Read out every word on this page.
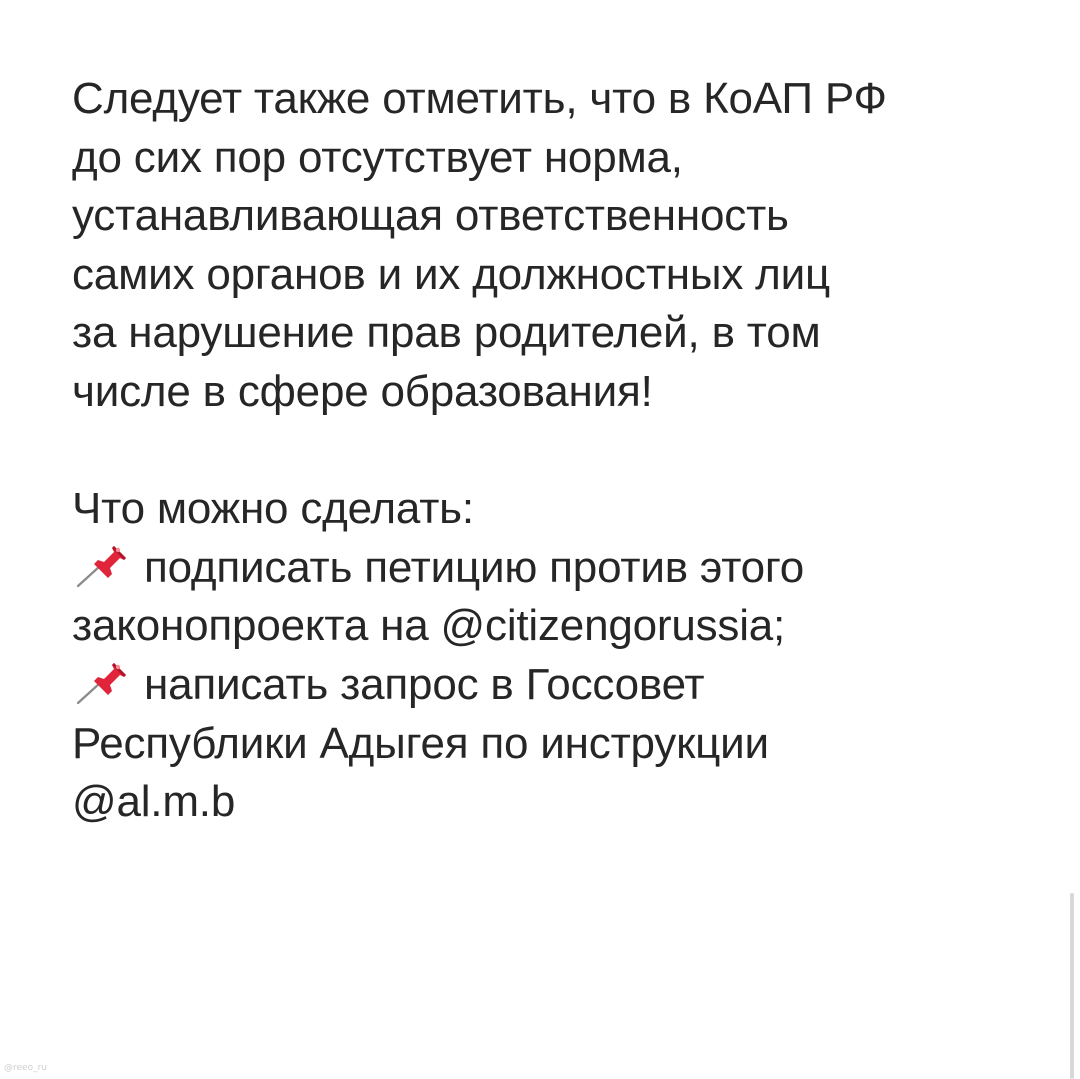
Следует также отметить, что в КоАП РФ
до сих пор отсутствует норма,
устанавливающая ответственность
самих органов и их должностных лиц
за нарушение прав родителей, в том
числе в сфере образования!
Что можно сделать:
подписать петицию против этого
законопроекта на @citizengorussia;
написать запрос в Госсовет
Республики Адыгея по инструкции
@al.m.b
@reeo_ru
